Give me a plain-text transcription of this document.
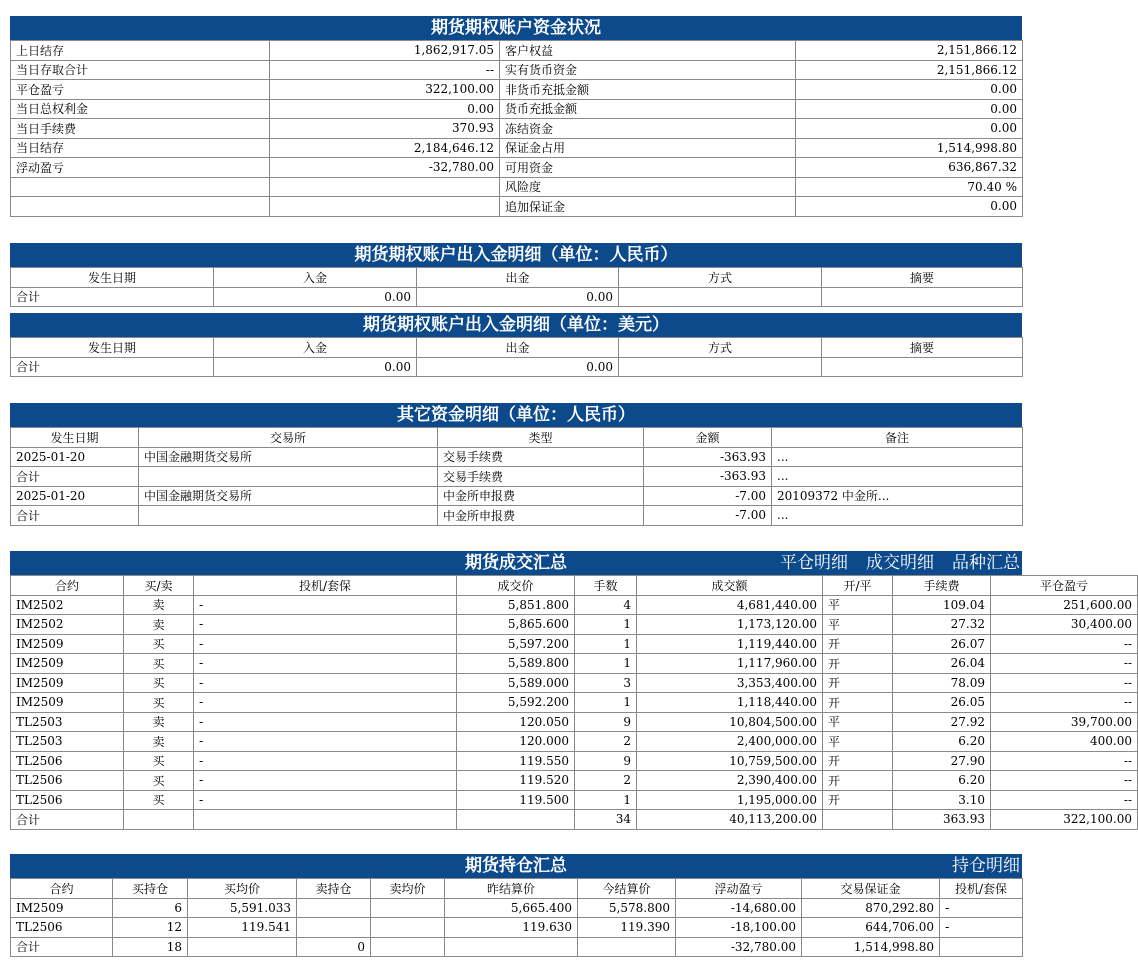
期货期权账户资金状况
上日结存	1,862,917.05	客户权益	2,151,866.12
当日存取合计	--	实有货币资金	2,151,866.12
平仓盈亏	322,100.00	非货币充抵金额	0.00
当日总权利金	0.00	货币充抵金额	0.00
当日手续费	370.93	冻结资金	0.00
当日结存	2,184,646.12	保证金占用	1,514,998.80
浮动盈亏	-32,780.00	可用资金	636,867.32
		风险度	70.40 %
		追加保证金	0.00
期货期权账户出入金明细（单位：人民币）
发生日期	入金	出金	方式	摘要
合计	0.00	0.00		
期货期权账户出入金明细（单位：美元）
发生日期	入金	出金	方式	摘要
合计	0.00	0.00		
其它资金明细（单位：人民币）
发生日期	交易所	类型	金额	备注
2025-01-20	中国金融期货交易所	交易手续费	-363.93	...
合计		交易手续费	-363.93	...
2025-01-20	中国金融期货交易所	中金所申报费	-7.00	20109372 中金所...
合计		中金所申报费	-7.00	...
期货成交汇总	平仓明细 成交明细 品种汇总
合约	买/卖	投机/套保	成交价	手数	成交额	开/平	手续费	平仓盈亏
IM2502	卖	-	5,851.800	4	4,681,440.00	平	109.04	251,600.00
IM2502	卖	-	5,865.600	1	1,173,120.00	平	27.32	30,400.00
IM2509	买	-	5,597.200	1	1,119,440.00	开	26.07	--
IM2509	买	-	5,589.800	1	1,117,960.00	开	26.04	--
IM2509	买	-	5,589.000	3	3,353,400.00	开	78.09	--
IM2509	买	-	5,592.200	1	1,118,440.00	开	26.05	--
TL2503	卖	-	120.050	9	10,804,500.00	平	27.92	39,700.00
TL2503	卖	-	120.000	2	2,400,000.00	平	6.20	400.00
TL2506	买	-	119.550	9	10,759,500.00	开	27.90	--
TL2506	买	-	119.520	2	2,390,400.00	开	6.20	--
TL2506	买	-	119.500	1	1,195,000.00	开	3.10	--
合计				34	40,113,200.00		363.93	322,100.00
期货持仓汇总	持仓明细
合约	买持仓	买均价	卖持仓	卖均价	昨结算价	今结算价	浮动盈亏	交易保证金	投机/套保
IM2509	6	5,591.033			5,665.400	5,578.800	-14,680.00	870,292.80	-
TL2506	12	119.541			119.630	119.390	-18,100.00	644,706.00	-
合计	18		0				-32,780.00	1,514,998.80	
